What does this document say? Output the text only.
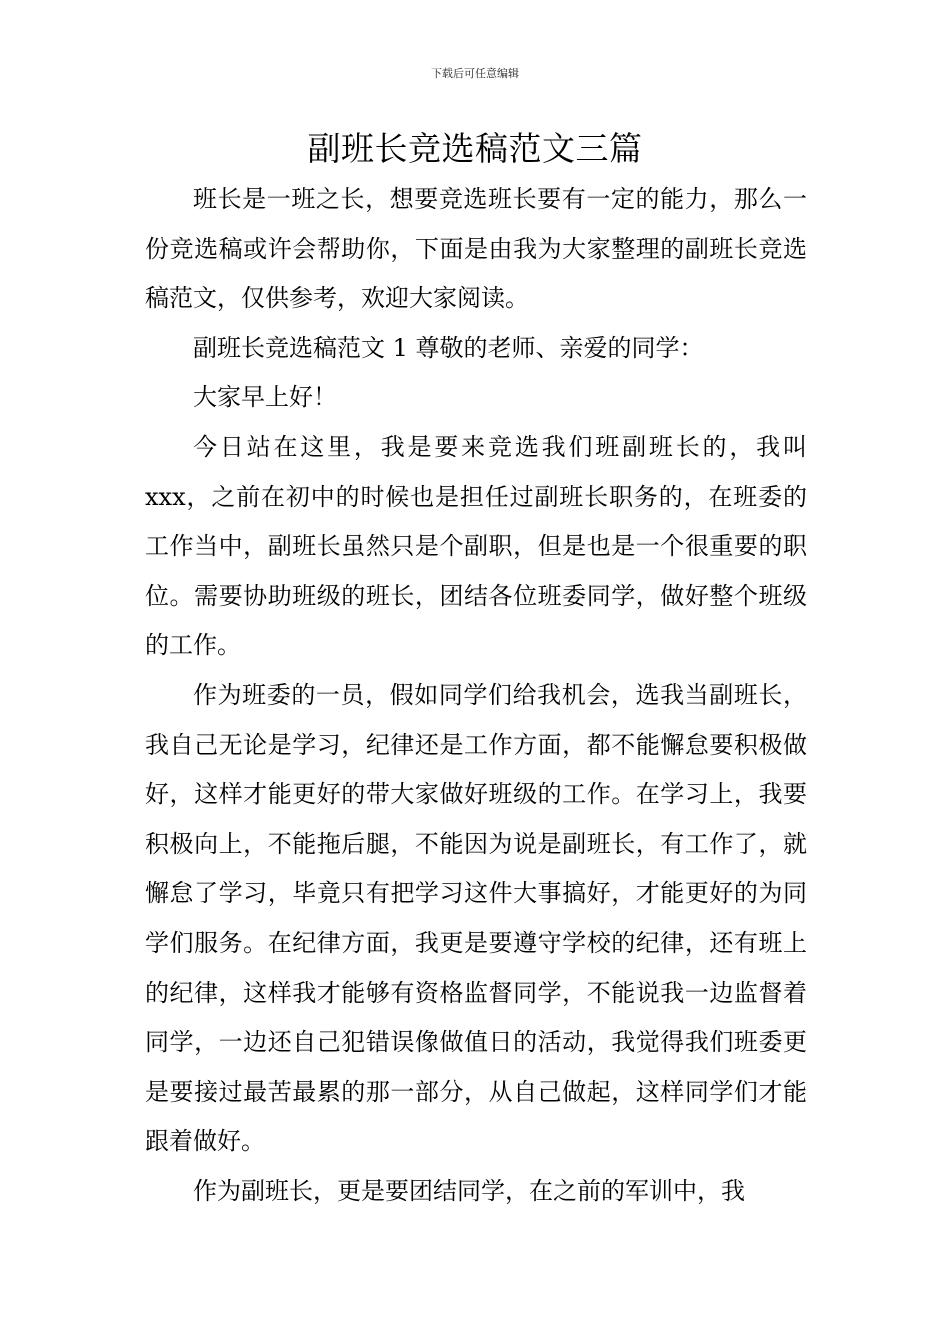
下载后可任意编辑
副班长竞选稿范文三篇

班长是一班之长，想要竞选班长要有一定的能力，那么一份竞选稿或许会帮助你，下面是由我为大家整理的副班长竞选稿范文，仅供参考，欢迎大家阅读。

副班长竞选稿范文 1 尊敬的老师、亲爱的同学：

大家早上好！

今日站在这里，我是要来竞选我们班副班长的，我叫xxx，之前在初中的时候也是担任过副班长职务的，在班委的工作当中，副班长虽然只是个副职，但是也是一个很重要的职位。需要协助班级的班长，团结各位班委同学，做好整个班级的工作。

作为班委的一员，假如同学们给我机会，选我当副班长，我自己无论是学习，纪律还是工作方面，都不能懈怠要积极做好，这样才能更好的带大家做好班级的工作。在学习上，我要积极向上，不能拖后腿，不能因为说是副班长，有工作了，就懈怠了学习，毕竟只有把学习这件大事搞好，才能更好的为同学们服务。在纪律方面，我更是要遵守学校的纪律，还有班上的纪律，这样我才能够有资格监督同学，不能说我一边监督着同学，一边还自己犯错误像做值日的活动，我觉得我们班委更是要接过最苦最累的那一部分，从自己做起，这样同学们才能跟着做好。

作为副班长，更是要团结同学，在之前的军训中，我
